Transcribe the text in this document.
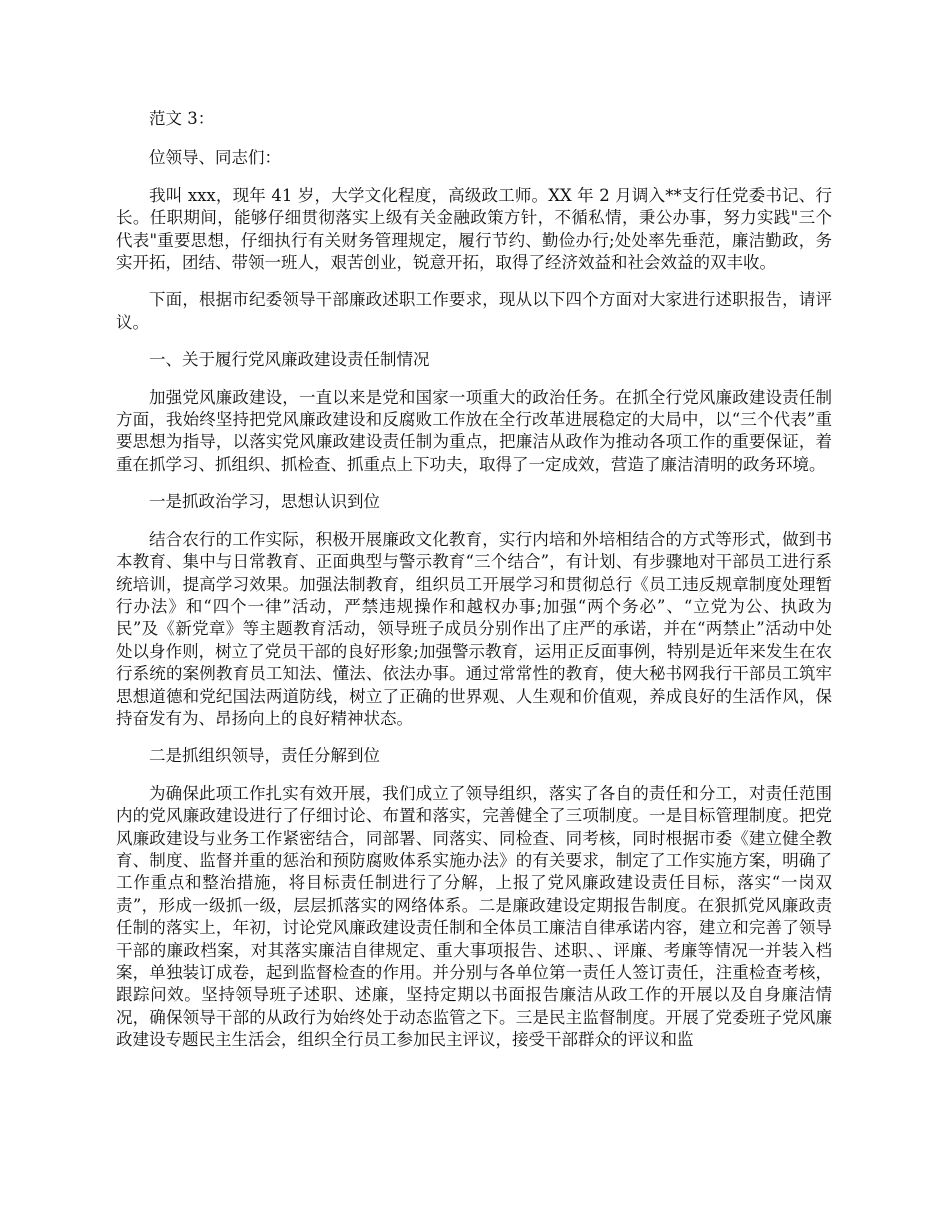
范文 3：

位领导、同志们：

我叫 xxx，现年 41 岁，大学文化程度，高级政工师。XX 年 2 月调入**支行任党委书记、行长。任职期间，能够仔细贯彻落实上级有关金融政策方针，不循私情，秉公办事，努力实践"三个代表"重要思想，仔细执行有关财务管理规定，履行节约、勤俭办行;处处率先垂范，廉洁勤政，务实开拓，团结、带领一班人，艰苦创业，锐意开拓，取得了经济效益和社会效益的双丰收。

下面，根据市纪委领导干部廉政述职工作要求，现从以下四个方面对大家进行述职报告，请评议。

一、关于履行党风廉政建设责任制情况

加强党风廉政建设，一直以来是党和国家一项重大的政治任务。在抓全行党风廉政建设责任制方面，我始终坚持把党风廉政建设和反腐败工作放在全行改革进展稳定的大局中，以“三个代表”重要思想为指导，以落实党风廉政建设责任制为重点，把廉洁从政作为推动各项工作的重要保证，着重在抓学习、抓组织、抓检查、抓重点上下功夫，取得了一定成效，营造了廉洁清明的政务环境。

一是抓政治学习，思想认识到位

结合农行的工作实际，积极开展廉政文化教育，实行内培和外培相结合的方式等形式，做到书本教育、集中与日常教育、正面典型与警示教育“三个结合”，有计划、有步骤地对干部员工进行系统培训，提高学习效果。加强法制教育，组织员工开展学习和贯彻总行《员工违反规章制度处理暂行办法》和“四个一律”活动，严禁违规操作和越权办事;加强“两个务必”、“立党为公、执政为民”及《新党章》等主题教育活动，领导班子成员分别作出了庄严的承诺，并在“两禁止”活动中处处以身作则，树立了党员干部的良好形象;加强警示教育，运用正反面事例，特别是近年来发生在农行系统的案例教育员工知法、懂法、依法办事。通过常常性的教育，使大秘书网我行干部员工筑牢思想道德和党纪国法两道防线，树立了正确的世界观、人生观和价值观，养成良好的生活作风，保持奋发有为、昂扬向上的良好精神状态。

二是抓组织领导，责任分解到位

为确保此项工作扎实有效开展，我们成立了领导组织，落实了各自的责任和分工，对责任范围内的党风廉政建设进行了仔细讨论、布置和落实，完善健全了三项制度。一是目标管理制度。把党风廉政建设与业务工作紧密结合，同部署、同落实、同检查、同考核，同时根据市委《建立健全教育、制度、监督并重的惩治和预防腐败体系实施办法》的有关要求，制定了工作实施方案，明确了工作重点和整治措施，将目标责任制进行了分解，上报了党风廉政建设责任目标，落实“一岗双责”，形成一级抓一级，层层抓落实的网络体系。二是廉政建设定期报告制度。在狠抓党风廉政责任制的落实上，年初，讨论党风廉政建设责任制和全体员工廉洁自律承诺内容，建立和完善了领导干部的廉政档案，对其落实廉洁自律规定、重大事项报告、述职、、评廉、考廉等情况一并装入档案，单独装订成卷，起到监督检查的作用。并分别与各单位第一责任人签订责任，注重检查考核，跟踪问效。坚持领导班子述职、述廉，坚持定期以书面报告廉洁从政工作的开展以及自身廉洁情况，确保领导干部的从政行为始终处于动态监管之下。三是民主监督制度。开展了党委班子党风廉政建设专题民主生活会，组织全行员工参加民主评议，接受干部群众的评议和监
